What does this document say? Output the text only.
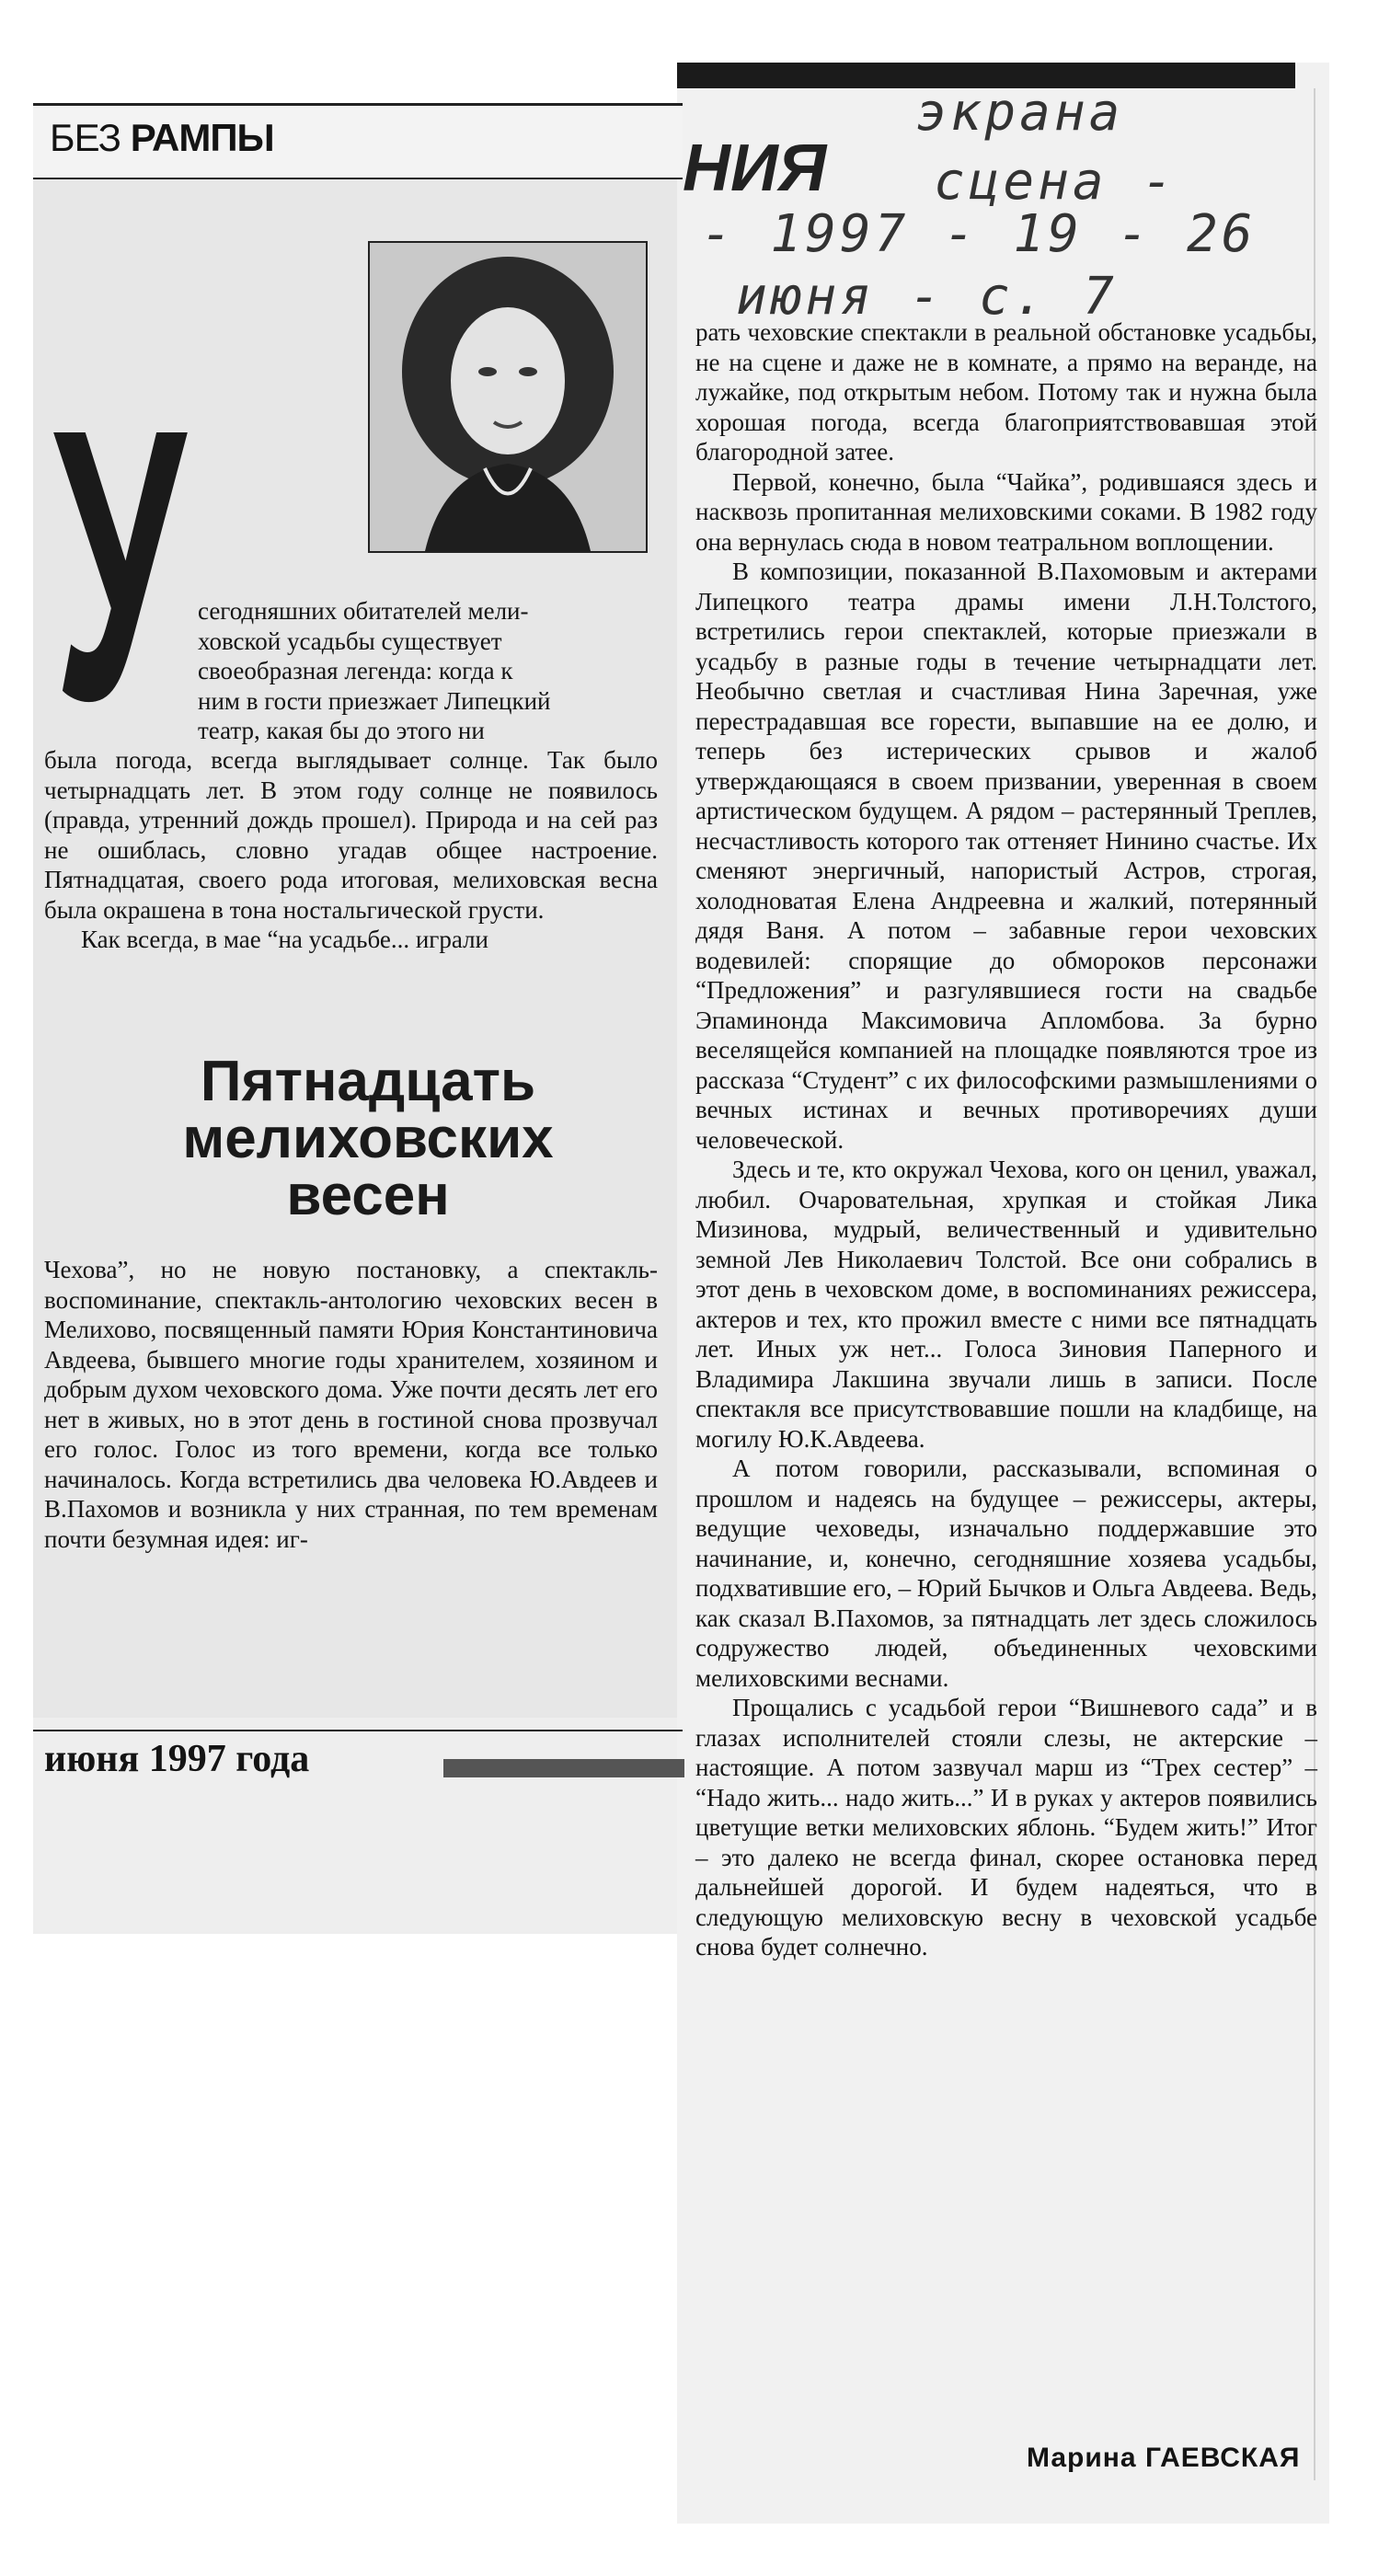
БЕЗ РАМПЫ	НИЯ
экрана
сцена -
- 1997 - 19 - 26
июня - с. 7
У сегодняшних обитателей мели-

ховской усадьбы существует

своеобразная легенда: когда к

ним в гости приезжает Липецкий

театр, какая бы до этого ни

была погода, всегда выглядывает солнце. Так было четырнадцать лет. В этом году солнце не появилось (правда, утренний дождь прошел). Природа и на сей раз не ошиблась, словно угадав общее настроение. Пятнадцатая, своего рода итоговая, мелиховская весна была окрашена в тона ностальгической грусти.

Как всегда, в мае “на усадьбе... играли

Пятнадцать
мелиховских
весен

Чехова”, но не новую постановку, а спектакль-воспоминание, спектакль-антологию чеховских весен в Мелихово, посвященный памяти Юрия Константиновича Авдеева, бывшего многие годы хранителем, хозяином и добрым духом чеховского дома. Уже почти десять лет его нет в живых, но в этот день в гостиной снова прозвучал его голос. Голос из того времени, когда все только начиналось. Когда встретились два человека Ю.Авдеев и В.Пахомов и возникла у них странная, по тем временам почти безумная идея: иг-

июня 1997 года

рать чеховские спектакли в реальной обстановке усадьбы, не на сцене и даже не в комнате, а прямо на веранде, на лужайке, под открытым небом. Потому так и нужна была хорошая погода, всегда благоприятствовавшая этой благородной затее.

Первой, конечно, была “Чайка”, родившаяся здесь и насквозь пропитанная мелиховскими соками. В 1982 году она вернулась сюда в новом театральном воплощении.

В композиции, показанной В.Пахомовым и актерами Липецкого театра драмы имени Л.Н.Толстого, встретились герои спектаклей, которые приезжали в усадьбу в разные годы в течение четырнадцати лет. Необычно светлая и счастливая Нина Заречная, уже перестрадавшая все горести, выпавшие на ее долю, и теперь без истерических срывов и жалоб утверждающаяся в своем призвании, уверенная в своем артистическом будущем. А рядом – растерянный Треплев, несчастливость которого так оттеняет Нинино счастье. Их сменяют энергичный, напористый Астров, строгая, холодноватая Елена Андреевна и жалкий, потерянный дядя Ваня. А потом – забавные герои чеховских водевилей: спорящие до обмороков персонажи “Предложения” и разгулявшиеся гости на свадьбе Эпаминонда Максимовича Апломбова. За бурно веселящейся компанией на площадке появляются трое из рассказа “Студент” с их философскими размышлениями о вечных истинах и вечных противоречиях души человеческой.

Здесь и те, кто окружал Чехова, кого он ценил, уважал, любил. Очаровательная, хрупкая и стойкая Лика Мизинова, мудрый, величественный и удивительно земной Лев Николаевич Толстой. Все они собрались в этот день в чеховском доме, в воспоминаниях режиссера, актеров и тех, кто прожил вместе с ними все пятнадцать лет. Иных уж нет... Голоса Зиновия Паперного и Владимира Лакшина звучали лишь в записи. После спектакля все присутствовавшие пошли на кладбище, на могилу Ю.К.Авдеева.

А потом говорили, рассказывали, вспоминая о прошлом и надеясь на будущее – режиссеры, актеры, ведущие чеховеды, изначально поддержавшие это начинание, и, конечно, сегодняшние хозяева усадьбы, подхватившие его, – Юрий Бычков и Ольга Авдеева. Ведь, как сказал В.Пахомов, за пятнадцать лет здесь сложилось содружество людей, объединенных чеховскими мелиховскими веснами.

Прощались с усадьбой герои “Вишневого сада” и в глазах исполнителей стояли слезы, не актерские – настоящие. А потом зазвучал марш из “Трех сестер” – “Надо жить... надо жить...” И в руках у актеров появились цветущие ветки мелиховских яблонь. “Будем жить!” Итог – это далеко не всегда финал, скорее остановка перед дальнейшей дорогой. И будем надеяться, что в следующую мелиховскую весну в чеховской усадьбе снова будет солнечно.

Марина ГАЕВСКАЯ
